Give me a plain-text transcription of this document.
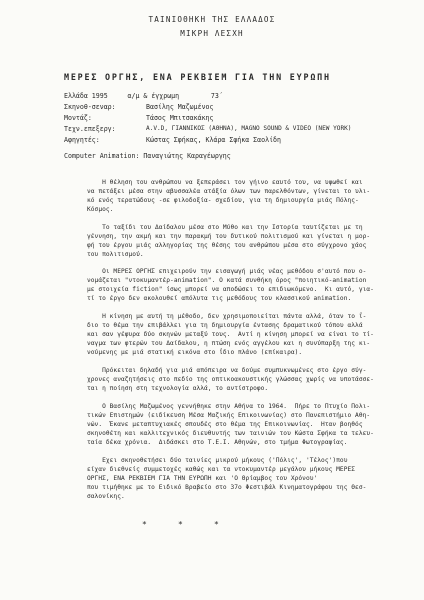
ΤΑΙΝΙΟΘΗΚΗ ΤΗΣ ΕΛΛΑΔΟΣ
ΜΙΚΡΗ ΛΕΣΧΗ
ΜΕΡΕΣ ΟΡΓΗΣ, ΕΝΑ ΡΕΚΒΙΕΜ ΓΙΑ ΤΗΝ ΕΥΡΩΠΗ
Ελλάδα 1995     α/μ & έγχρωμη        73΄
Σκηνοθ-σεναρ:	Βασίλης Μαζωμένος
Μοντάζ:	Τάσος Μπιτσακάκης
Τεχν.επεξεργ:	A.V.D, ΓΙΑΝΝΙΚΟΣ (ΑΘΗΝΑ), MAGNO SOUND & VIDEO (NEW YORK)
Αφηγητές:	Κώστας Σφήκας, Κλάρα Σφήκα Σαολίδη
Computer Animation: Παναγιώτης Καραγέωργης
Η θέληση του ανθρώπου να ξεπεράσει τον γήινο εαυτό του, να υψωθεί και
να πετάξει μέσα στην αβυσσαλέα ατάξία όλων των παρελθόντων, γίνεται το υλι-
κό ενός τερατώδους -σε φιλοδοξία- σχεδίου, για τη δημιουργία μιάς Πόλης-
Κόσμος.
Το ταξίδι του Δαίδαλου μέσα στο Μύθο και την Ιστορία ταυτίζεται με τη
γέννηση, την ακμή και την παρακμή του δυτικού πολιτισμού και γίνεται η μορ-
φή του έργου μιάς αλληγορίας της θέσης του ανθρώπου μέσα στο σύγχρονο χάος
του πολιτισμού.
Οι ΜΕΡΕΣ ΟΡΓΗΣ επιχειρούν την εισαγωγή μιάς νέας μεθόδου σ'αυτό που ο-
νομάζεται "ντοκυμαντέρ-animation". Ο κατά συνθήκη όρος "ποιητικό-animation
με στοιχεία fiction" ίσως μπορεί να αποδώσει το επιδιωκόμενο.  Κι αυτό, για-
τί το έργο δεν ακολουθεί απόλυτα τις μεθόδους του κλασσικού animation.
Η κίνηση με αυτή τη μέθοδο, δεν χρησιμοποιείται πάντα αλλά, όταν το ΐ-
διο το θέμα την επιβάλλει για τη δημιουργία έντασης δραματικού τόπου αλλά
και σαν γέφυρα δύο σκηνών μεταξύ τους.  Αντί η κίνηση μπορεί να είναι το τί-
ναγμα των φτερών του Δαίδαλου, η πτώση ενός αγγέλου και η συνύπαρξη της κι-
νούμενης με μιά στατική εικόνα στο ΐδιο πλάνο (επίκαιρα).
Πρόκειται δηλαδή για μιά απόπειρα να δούμε συμπυκνωμένες στο έργο σύγ-
χρονες αναζητήσεις στο πεδίο της οπτικοακουστικής γλώσσας χωρίς να υποτάσσε-
ται η ποίηση στη τεχνολογία αλλά, το αντίστροφο.
Ο Βασίλης Μαζωμένος γεννήθηκε στην Αθήνα το 1964.  Πήρε το Πτυχίο Πολι-
τικών Επιστημών (ειδίκευση Μέσα Μαζικής Επικοινωνίας) στο Πανεπιστήμιο Αθη-
νών.  Έκανε μεταπτυχιακές σπουδές στο θέμα της Επικοινωνίας.  Ηταν βοηθός
σκηνοθέτη και καλλιτεχνικός διευθυντής των ταινιών του Κώστα Σφήκα τα τελευ-
ταία δέκα χρόνια.  Διδάσκει στο Τ.Ε.Ι. Αθηνών, στο τμήμα Φωτογραφίας.
Εχει σκηνοθετήσει δύο ταινίες μικρού μήκους ('Πόλις', 'Τέλος')που
είχαν διεθνείς συμμετοχές καθώς και τα ντοκυμαντέρ μεγάλου μήκους ΜΕΡΕΣ
ΟΡΓΗΣ, ΕΝΑ ΡΕΚΒΙΕΜ ΓΙΑ ΤΗΝ ΕΥΡΩΠΗ και 'Ο Θρίαμβος του Χρόνου'
που τιμήθηκε με το Ειδικό Βραβείο στο 37ο Φεστιβάλ Κινηματογράφου της Θεσ-
σαλονίκης.
*	*	*
